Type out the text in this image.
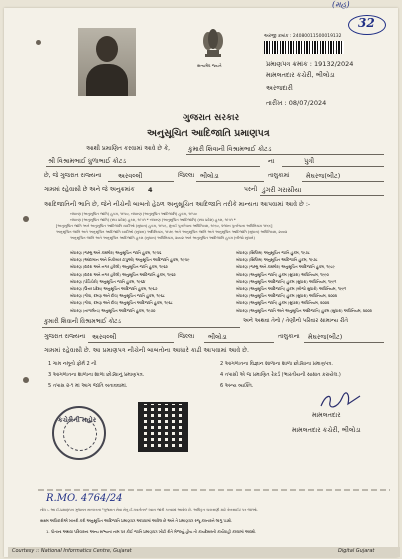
(મહ)
32
સત્યમેવ જયતે
અરજી ક્રમાંક : 24080011500019132
પ્રમાણપત્ર ક્રમાંક : 19132/2024
મામલતદાર કચેરી, ભીલોડા
અરજદારી
તારીખ : 08/07/2024
ગુજરાત સરકાર
અનુસૂચિત આદિજાતિ પ્રમાણપત્ર
આથી પ્રમાણિત કરવામાં આવે છે કે,	કુમારી શિવાની વિશ્રામભાઈ કોટડ
શ્રી વિશ્રામભાઈ ધુળાભાઈ કોટડ	ના	પુત્રી
છે, જે ગુજરાત રાજ્યના	અરવલ્લી	જિલ્લા ભીલોડા	તાલુકામાં	મેઘરજ(બીટ)
ગામમાં રહેવાસી છે અને જે અનુક્રમાંક 4	પરની ડુંગરી ગરાસીયા
આદિજાતિની ભાતિ છે, જેને નીચેની બાબતો હેઠળ અનુસૂચિત આદિજાતિ તરીકે માન્યતા આપવામાં આવે છે :-
બંધારણ (અનુસૂચિત જાતિ) હુકમ, ૧૯૫૦, બંધારણ (અનુસૂચિત આદિજાતિ) હુકમ, ૧૯૫૦
બંધારણ (અનુસૂચિત જાતિ) (સંઘ પ્રદેશ) હુકમ, ૧૯૫૧ * બંધારણ (અનુસૂચિત આદિજાતિ) (સંઘ પ્રદેશ) હુકમ, ૧૯૫૧ *
[અનુસૂચિત જાતિ અને અનુસૂચિત આદિજાતિ યાદીઓ (સુધારા) હુકમ, ૧૯૫૬, મુંબઈ પુનર્રચના અધિનિયમ, ૧૯૬૦, પંજાબ પુનર્રચના અધિનિયમ ૧૯૬૬]
અનુસૂચિત જાતિ અને અનુસૂચિત આદિજાતિ યાદીઓ (સુધારા) અધિનિયમ, ૧૯૭૬ અને અનુસૂચિત જાતિ અને અનુસૂચિત આદિજાતિ (સુધારા) અધિનિયમ, ૨૦૦૨
અનુસૂચિત જાતિ અને અનુસૂચિત આદિજાતિ હુકમ (સુધારા) અધિનિયમ, ૨૦૦૨ અને અનુસૂચિત આદિજાતિ હુકમ (બીજો સુધારો)
બંધારણ (જમ્મુ અને કાશ્મીર) અનુસૂચિત જાતિ હુકમ, ૧૯૫૬
બંધારણ (આંદામાન અને નિકોબાર ટાપુઓ) અનુસૂચિત આદિજાતિ હુકમ, ૧૯૫૯
બંધારણ (દાદરા અને નગર હવેલી) અનુસૂચિત જાતિ હુકમ, ૧૯૬૨
બંધારણ (દાદરા અને નગર હવેલી) અનુસૂચિત આદિજાતિ હુકમ, ૧૯૬૨
બંધારણ (પોંડિચેરી) અનુસૂચિત જાતિ હુકમ, ૧૯૬૪
બંધારણ (ઉત્તર પ્રદેશ) અનુસૂચિત આદિજાતિ હુકમ, ૧૯૬૭
બંધારણ (ગોવા, દમણ અને દીવ) અનુસૂચિત જાતિ હુકમ, ૧૯૬૮
બંધારણ (ગોવા, દમણ અને દીવ) અનુસૂચિત આદિજાતિ હુકમ, ૧૯૬૮
બંધારણ (નાગાલેન્ડ) અનુસૂચિત આદિજાતિ હુકમ, ૧૯૭૦
બંધારણ (સિક્કિમ) અનુસૂચિત જાતિ હુકમ, ૧૯૭૮
બંધારણ (સિક્કિમ) અનુસૂચિત આદિજાતિ હુકમ, ૧૯૭૮
બંધારણ (જમ્મુ અને કાશ્મીર) અનુસૂચિત આદિજાતિ હુકમ, ૧૯૮૯
બંધારણ (અનુસૂચિત જાતિ) હુકમ (સુધારા) અધિનિયમ, ૧૯૯૦
બંધારણ (અનુસૂચિત આદિજાતિ) હુકમ (સુધારા) અધિનિયમ, ૧૯૯૧
બંધારણ (અનુસૂચિત આદિજાતિ) હુકમ (બીજો સુધારો) અધિનિયમ, ૧૯૯૧
બંધારણ (અનુસૂચિત આદિજાતિ) હુકમ (સુધારા) અધિનિયમ, ૨૦૦૨
બંધારણ (અનુસૂચિત જાતિ) હુકમ (સુધારા) અધિનિયમ, ૨૦૦૨
બંધારણ (અનુસૂચિત જાતિ અને અનુસૂચિત આદિજાતિ) હુકમ (સુધારા) અધિનિયમ, ૨૦૦૨
કુમારી શિવાની વિશ્રામભાઈ કોટડ	અને અથવા તેનો / તેણીનો પરિવાર સામાન્ય રીતે
ગુજરાત રાજ્યના અરવલ્લી	જિલ્લા ભીલોડા	તાલુકાના મેઘરજ(બીટ)
ગામમાં રહેવાસી છે. આ પ્રમાણપત્ર નીચેની બાબતોના આધારે કાઢી આપવામાં આવે છે.
1 ગામ નમૂનો ફોર્મ 2 ની	2 આગળાતના વિજ્ઞાન શાળાના શાળા છોડ્યાના પ્રમાણપત્ર.
3 આગળાતના શાળાના શાળા છોડ્યાનું પ્રમાણપત્ર.	4 તપાસી એ જ પ્રમાણિત રેકર્ડ (ભારતીયની સાક્ષાત કરાયેલ.)
5 તપાસ ૨-૧ માં આગ જાતિ બતાવવામાં.	6 અન્ય વ્યક્તિ.
મામલતદાર
મામલતદાર કચેરી, ભીલોડા
કચેરીની મહોર
R.MO. 4764/24
નોંધ :- આ ઈ-પ્રમાણપત્ર ગુજરાત સરકારના "ગુજરાત સેવા સેતુ ઈ-ગવર્નન્સ" ધ્વારા જારી કરવામાં આવેલ છે. અધિકૃત ચકાસણી માટે વેબસાઈટ પર જાઓ.
સક્ષમ અધિકારીએ ખાતરી કરી અનુસૂચિત આદિજાતિ પ્રમાણપત્ર આપવામાં આવેલ છે અને તે પ્રમાણપત્ર રજૂ કરનારને લાગુ પડશે.
1. પોતાના અથવા પરિવારના અન્ય સભ્યના નામ પર કોઈ જાતિ પ્રમાણપત્ર ખોટી રીતે મેળવ્યું હોય તો કાયદેસરની કાર્યવાહી કરવામાં આવશે.
Courtesy :: National Informatics Centre, Gujarat	Digital Gujarat
